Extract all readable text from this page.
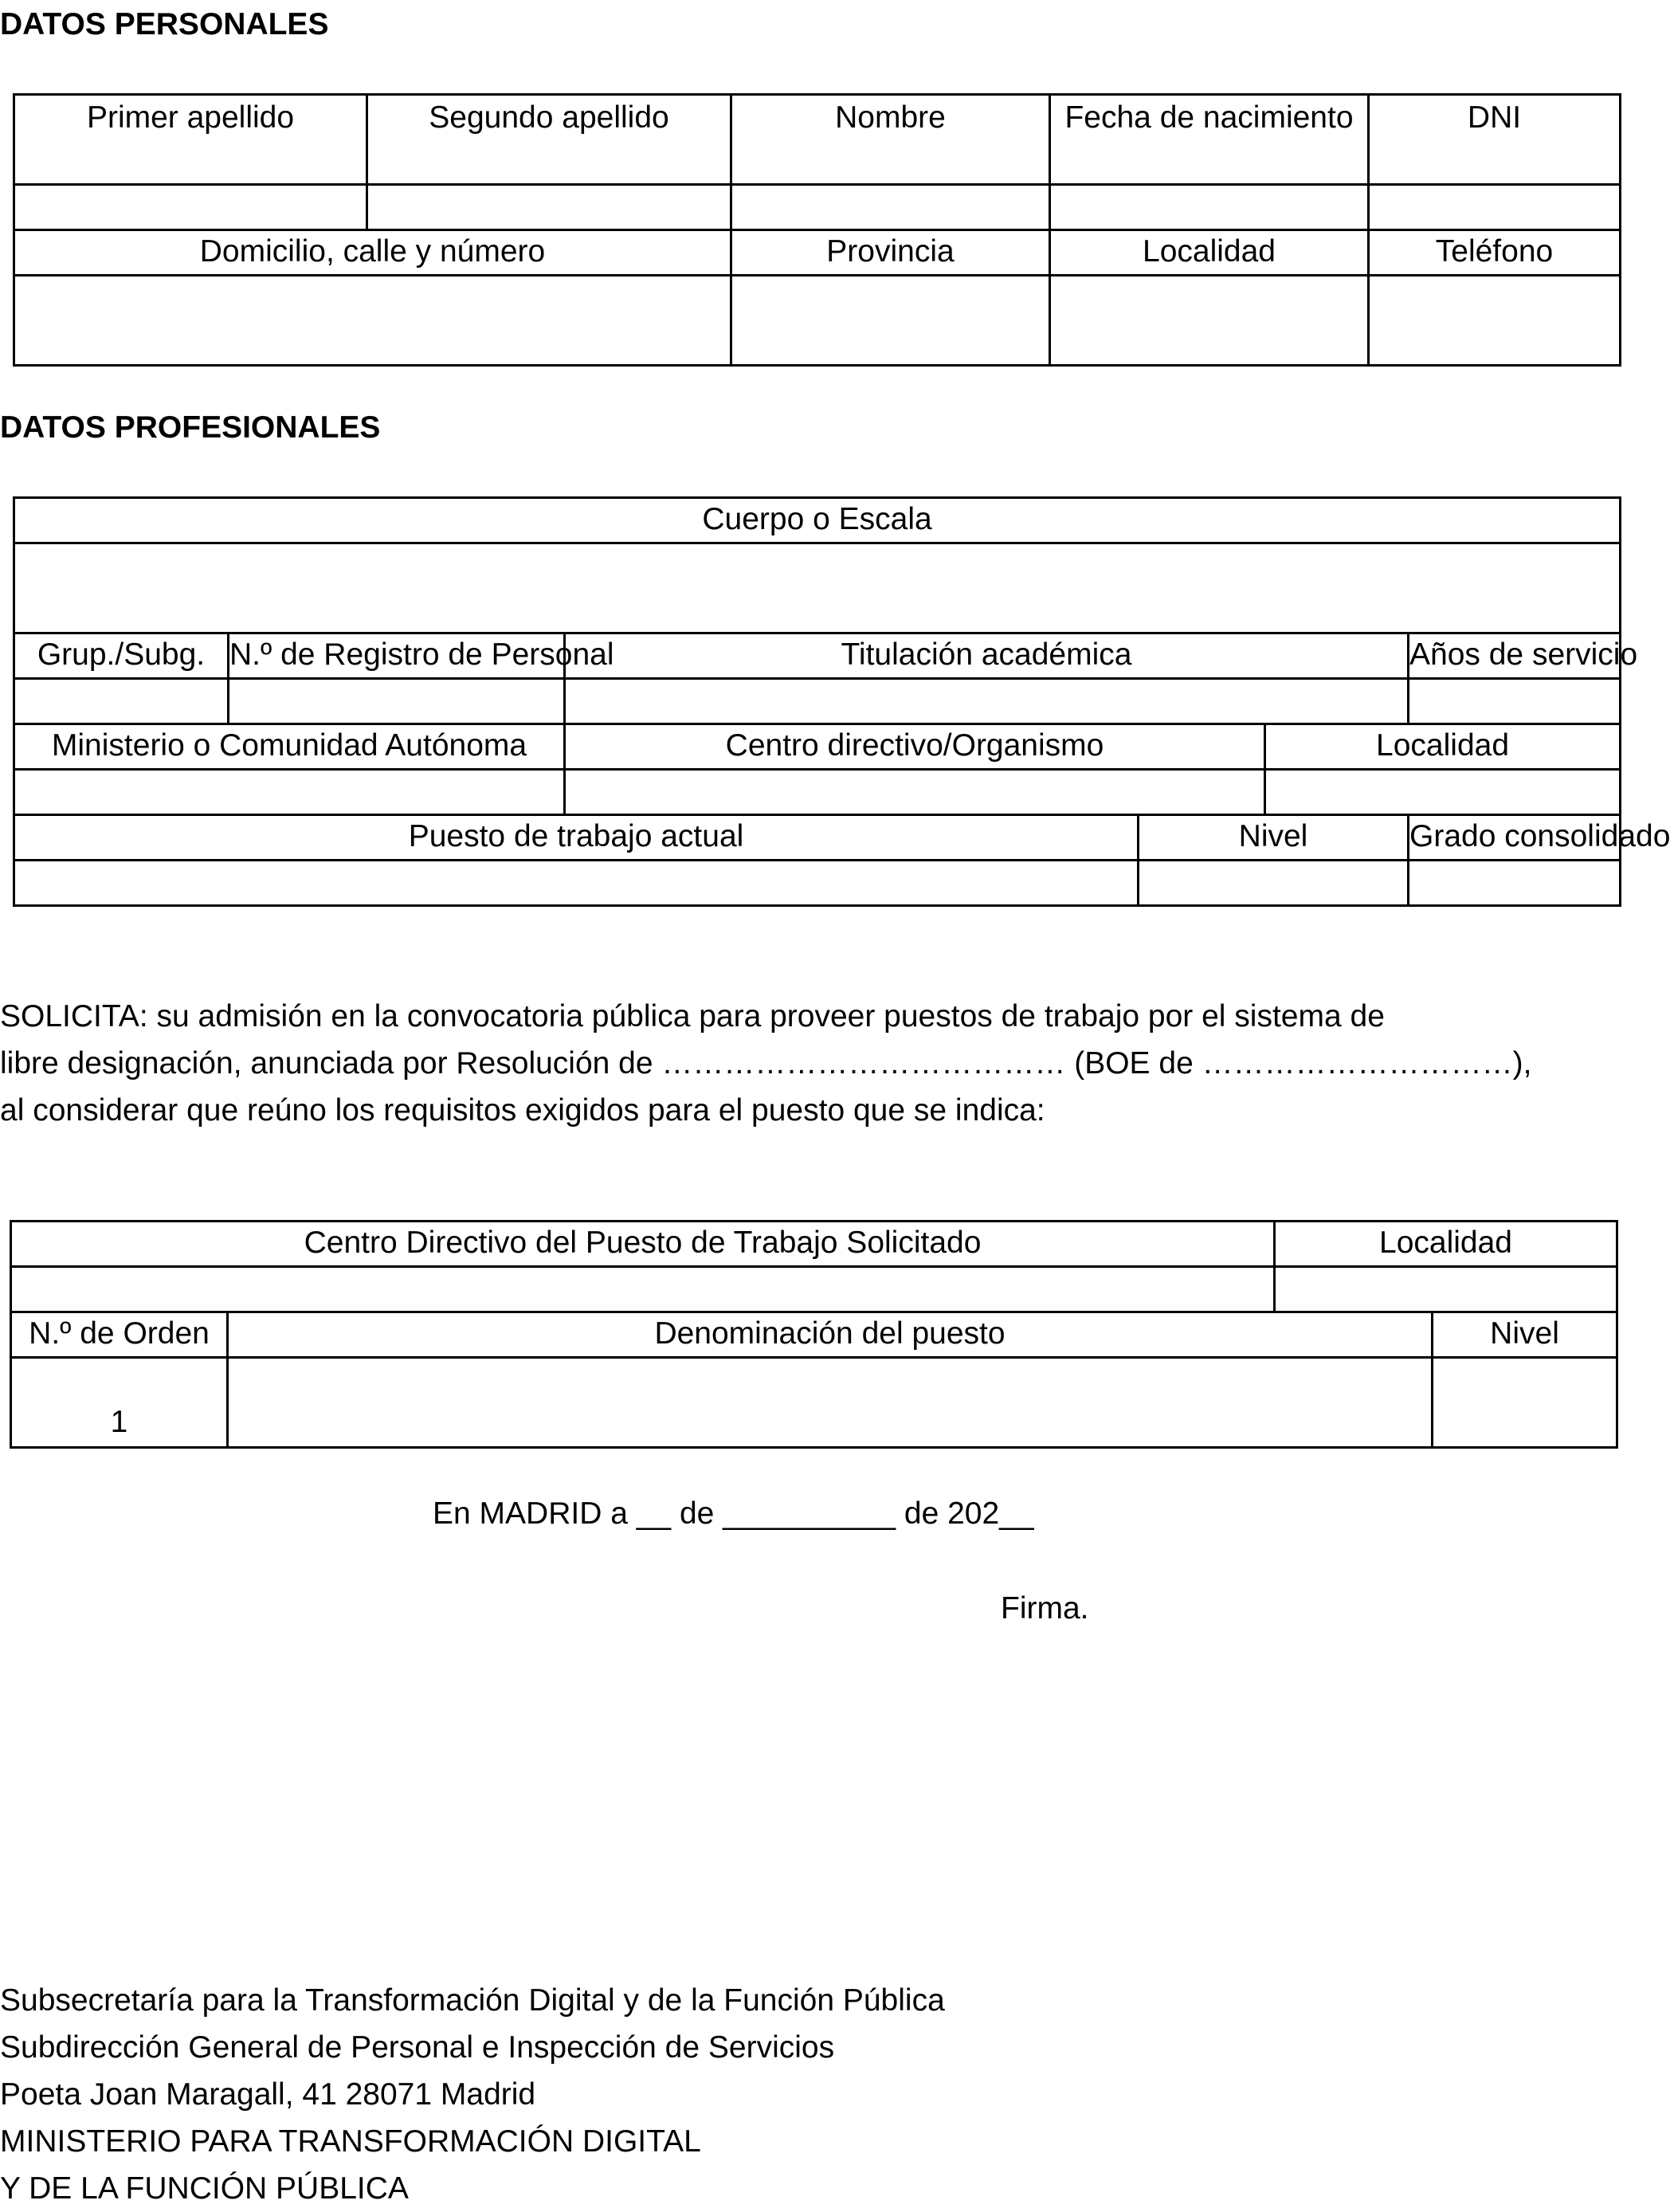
DATOS PERSONALES
Primer apellido	Segundo apellido	Nombre	Fecha de nacimiento	DNI

Domicilio, calle y número		Provincia	Localidad	Teléfono

DATOS PROFESIONALES
Cuerpo o Escala					

Grup./Subg.	N.º de Registro de Personal	Titulación académica			Años de servicio

Ministerio o Comunidad Autónoma		Centro directivo/Organismo		Localidad	

Puesto de trabajo actual			Nivel		Grado consolidado

SOLICITA: su admisión en la convocatoria pública para proveer puestos de trabajo por el sistema de
libre designación, anunciada por Resolución de ………………………………… (BOE de …………………………),
al considerar que reúno los requisitos exigidos para el puesto que se indica:
Centro Directivo del Puesto de Trabajo Solicitado		Localidad	

N.º de Orden	Denominación del puesto		Nivel
1			
En MADRID a __ de __________ de 202__
Firma.
Subsecretaría para la Transformación Digital y de la Función Pública
Subdirección General de Personal e Inspección de Servicios
Poeta Joan Maragall, 41 28071 Madrid
MINISTERIO PARA TRANSFORMACIÓN DIGITAL
Y DE LA FUNCIÓN PÚBLICA
